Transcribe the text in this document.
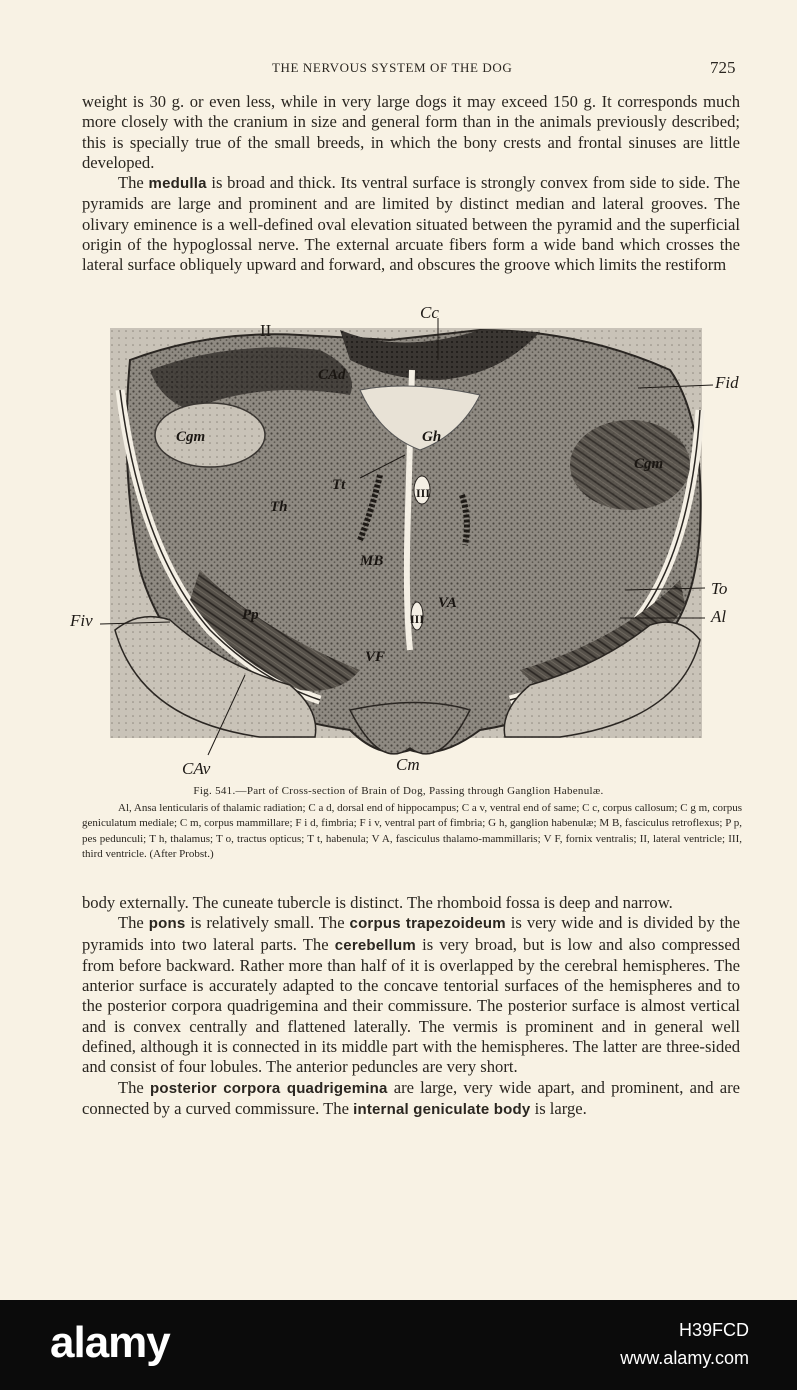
THE NERVOUS SYSTEM OF THE DOG	725

weight is 30 g. or even less, while in very large dogs it may exceed 150 g. It corresponds much more closely with the cranium in size and general form than in the animals previously described; this is specially true of the small breeds, in which the bony crests and frontal sinuses are little developed.

The medulla is broad and thick. Its ventral surface is strongly convex from side to side. The pyramids are large and prominent and are limited by distinct median and lateral grooves. The olivary eminence is a well-defined oval elevation situated between the pyramid and the superficial origin of the hypoglossal nerve. The external arcuate fibers form a wide band which crosses the lateral surface obliquely upward and forward, and obscures the groove which limits the restiform

Cc
II
Fid
CAd
Gh
Cgm
Cgm
Tt	III
Th
MB
To
Fiv
VA
III	Al
Pp
VF
CAv	Cm
Fig. 541.—Part of Cross-section of Brain of Dog, Passing through Ganglion Habenulæ.
Al, Ansa lenticularis of thalamic radiation; C a d, dorsal end of hippocampus; C a v, ventral end of same; C c, corpus callosum; C g m, corpus geniculatum mediale; C m, corpus mammillare; F i d, fimbria; F i v, ventral part of fimbria; G h, ganglion habenulæ; M B, fasciculus retroflexus; P p, pes pedunculi; T h, thalamus; T o, tractus opticus; T t, habenula; V A, fasciculus thalamo-mammillaris; V F, fornix ventralis; II, lateral ventricle; III, third ventricle. (After Probst.)

body externally. The cuneate tubercle is distinct. The rhomboid fossa is deep and narrow.

The pons is relatively small. The corpus trapezoideum is very wide and is divided by the pyramids into two lateral parts. The cerebellum is very broad, but is low and also compressed from before backward. Rather more than half of it is overlapped by the cerebral hemispheres. The anterior surface is accurately adapted to the concave tentorial surfaces of the hemispheres and to the posterior corpora quadrigemina and their commissure. The posterior surface is almost vertical and is convex centrally and flattened laterally. The vermis is prominent and in general well defined, although it is connected in its middle part with the hemispheres. The latter are three-sided and consist of four lobules. The anterior peduncles are very short.

The posterior corpora quadrigemina are large, very wide apart, and prominent, and are connected by a curved commissure. The internal geniculate body is large.

alamy	H39FCD
www.alamy.com
